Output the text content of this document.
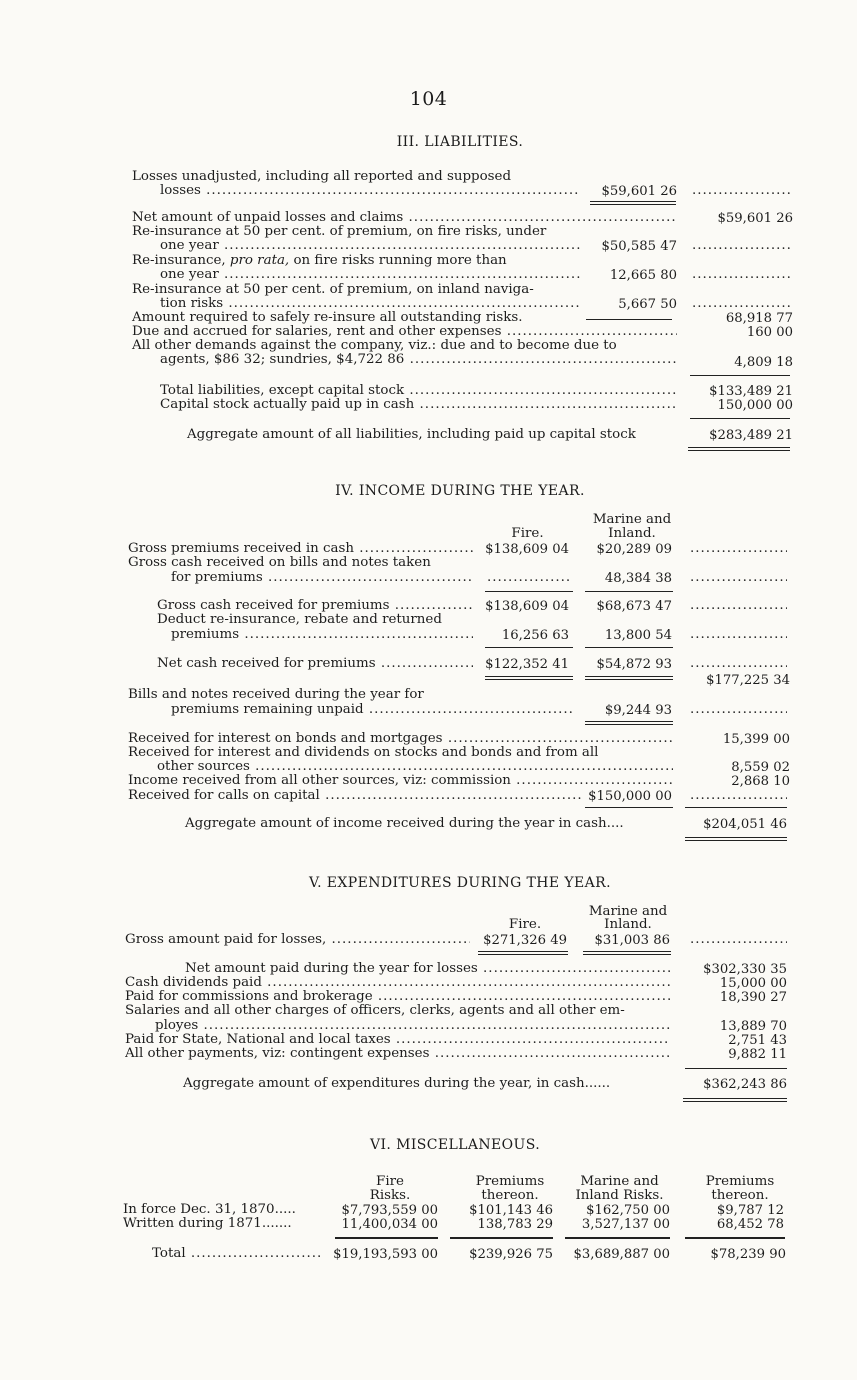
104
III. LIABILITIES.
Losses unadjusted, including all reported and supposed
losses .....	$59,601 26
.....
Net amount of unpaid losses and claims .....	$59,601 26
Re-insurance at 50 per cent. of premium, on fire risks, under
one year .....	$50,585 47
.....
Re-insurance, pro rata, on fire risks running more than
one year .....	12,665 80
.....
Re-insurance at 50 per cent. of premium, on inland naviga-
tion risks .....	5,667 50
.....
Amount required to safely re-insure all outstanding risks.	68,918 77
Due and accrued for salaries, rent and other expenses .....	160 00
All other demands against the company, viz.: due and to become due to
agents, $86 32; sundries, $4,722 86 .....	4,809 18
Total liabilities, except capital stock .....	$133,489 21
Capital stock actually paid up in cash .....	150,000 00
Aggregate amount of all liabilities, including paid up capital stock	$283,489 21
IV. INCOME DURING THE YEAR.
Fire.
Marine and
Inland.
Gross premiums received in cash .....	$138,609 04	$20,289 09
.....
Gross cash received on bills and notes taken
for premiums .....
.....	48,384 38
.....
Gross cash received for premiums .....	$138,609 04	$68,673 47
.....
Deduct re-insurance, rebate and returned
premiums .....	16,256 63	13,800 54
.....
Net cash received for premiums .....	$122,352 41	$54,872 93
.....
$177,225 34
Bills and notes received during the year for
premiums remaining unpaid .....	$9,244 93
.....
Received for interest on bonds and mortgages .....	15,399 00
Received for interest and dividends on stocks and bonds and from all
other sources .....	8,559 02
Income received from all other sources, viz: commission .....	2,868 10
Received for calls on capital .....	$150,000 00
.....
Aggregate amount of income received during the year in cash....	$204,051 46
V. EXPENDITURES DURING THE YEAR.
Fire.
Marine and
Inland.
Gross amount paid for losses, .....	$271,326 49	$31,003 86
.....
Net amount paid during the year for losses .....	$302,330 35
Cash dividends paid .....	15,000 00
Paid for commissions and brokerage .....	18,390 27
Salaries and all other charges of officers, clerks, agents and all other em-
ployes .....	13,889 70
Paid for State, National and local taxes .....	2,751 43
All other payments, viz: contingent expenses .....	9,882 11
Aggregate amount of expenditures during the year, in cash......	$362,243 86
VI. MISCELLANEOUS.
Fire
Risks.
Premiums
thereon.
Marine and
Inland Risks.
Premiums
thereon.
In force Dec. 31, 1870.....	$7,793,559 00	$101,143 46	$162,750 00	$9,787 12
Written during 1871.......	11,400,034 00	138,783 29	3,527,137 00	68,452 78
Total .....	$19,193,593 00	$239,926 75	$3,689,887 00	$78,239 90
